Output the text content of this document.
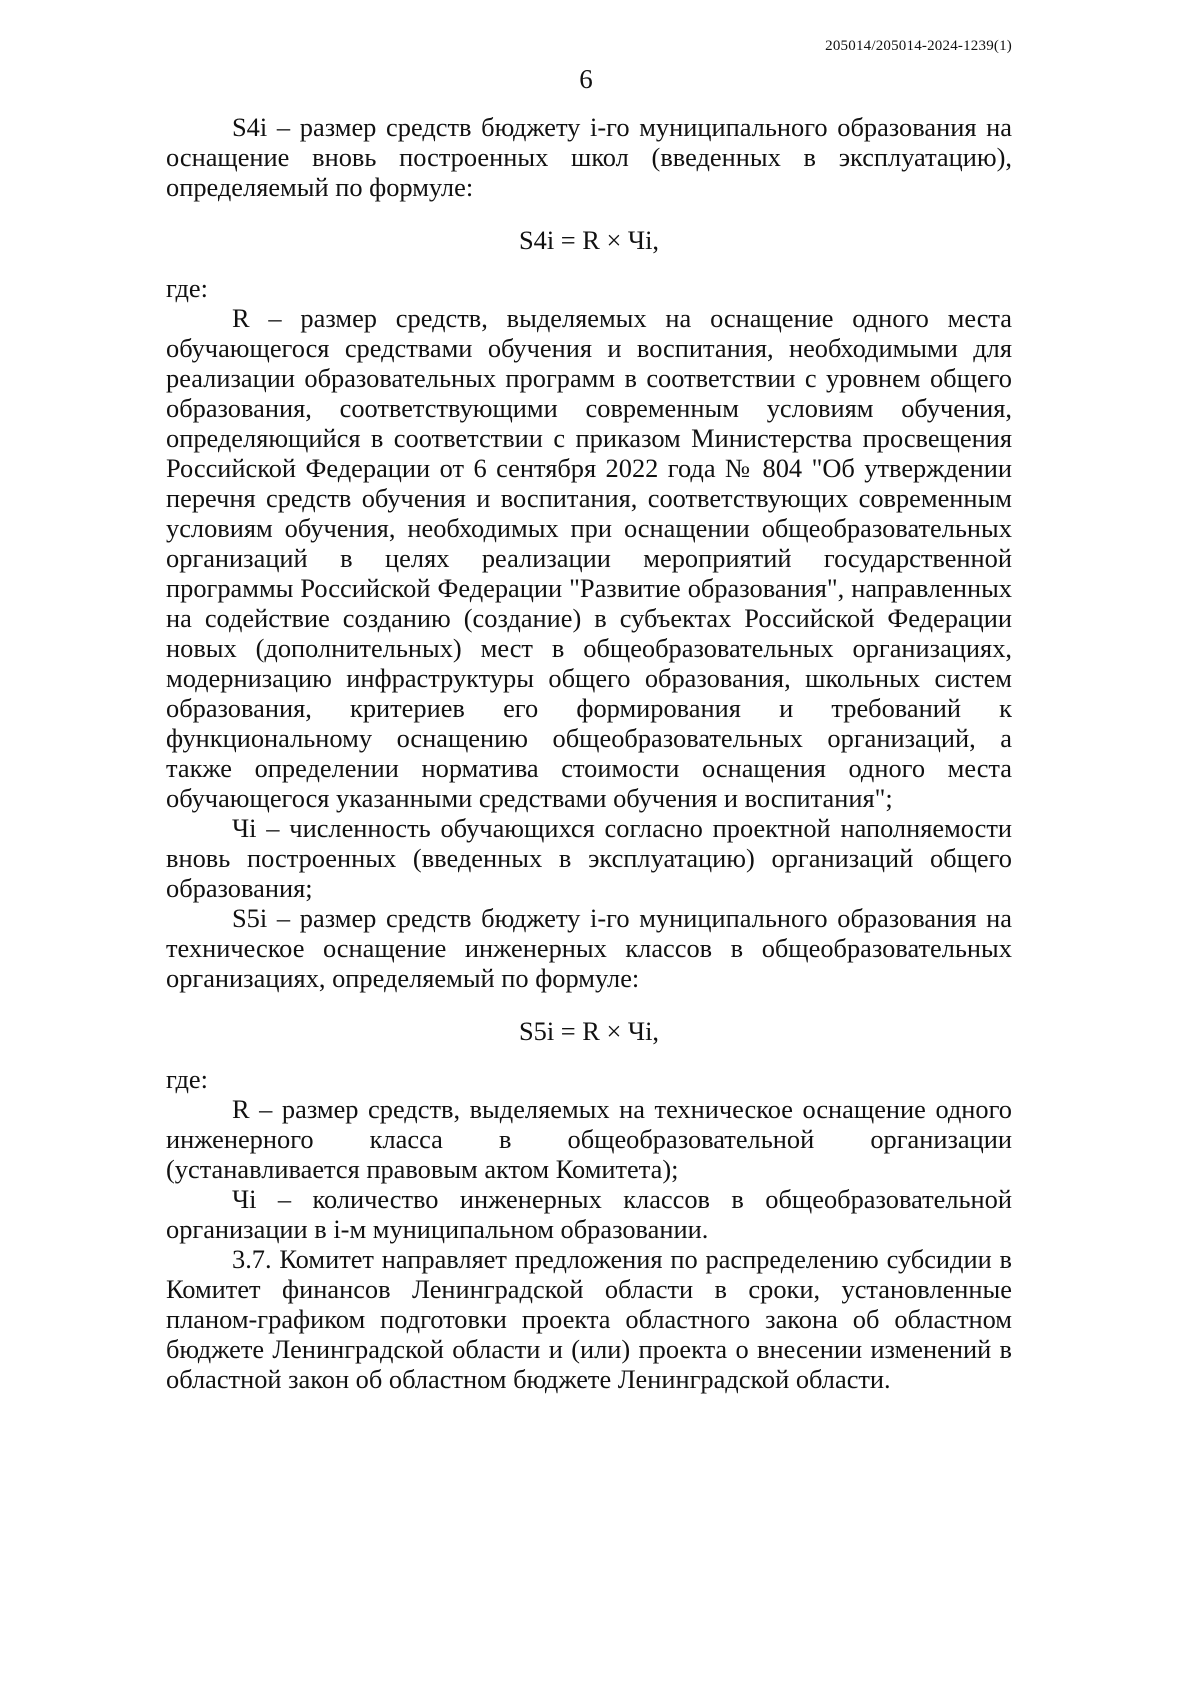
205014/205014-2024-1239(1)
6

S4i – размер средств бюджету i-го муниципального образования на оснащение вновь построенных школ (введенных в эксплуатацию), определяемый по формуле:

S4i = R × Чi,

где:

R – размер средств, выделяемых на оснащение одного места обучающегося средствами обучения и воспитания, необходимыми для реализации образовательных программ в соответствии с уровнем общего образования, соответствующими современным условиям обучения, определяющийся в соответствии с приказом Министерства просвещения Российской Федерации от 6 сентября 2022 года № 804 "Об утверждении перечня средств обучения и воспитания, соответствующих современным условиям обучения, необходимых при оснащении общеобразовательных организаций в целях реализации мероприятий государственной программы Российской Федерации "Развитие образования", направленных на содействие созданию (создание) в субъектах Российской Федерации новых (дополнительных) мест в общеобразовательных организациях, модернизацию инфраструктуры общего образования, школьных систем образования, критериев его формирования и требований к функциональному оснащению общеобразовательных организаций, а также определении норматива стоимости оснащения одного места обучающегося указанными средствами обучения и воспитания";

Чi – численность обучающихся согласно проектной наполняемости вновь построенных (введенных в эксплуатацию) организаций общего образования;

S5i – размер средств бюджету i-го муниципального образования на техническое оснащение инженерных классов в общеобразовательных организациях, определяемый по формуле:

S5i = R × Чi,

где:

R – размер средств, выделяемых на техническое оснащение одного инженерного класса в общеобразовательной организации (устанавливается правовым актом Комитета);

Чi – количество инженерных классов в общеобразовательной организации в i-м муниципальном образовании.

3.7. Комитет направляет предложения по распределению субсидии в Комитет финансов Ленинградской области в сроки, установленные планом-графиком подготовки проекта областного закона об областном бюджете Ленинградской области и (или) проекта о внесении изменений в областной закон об областном бюджете Ленинградской области.
